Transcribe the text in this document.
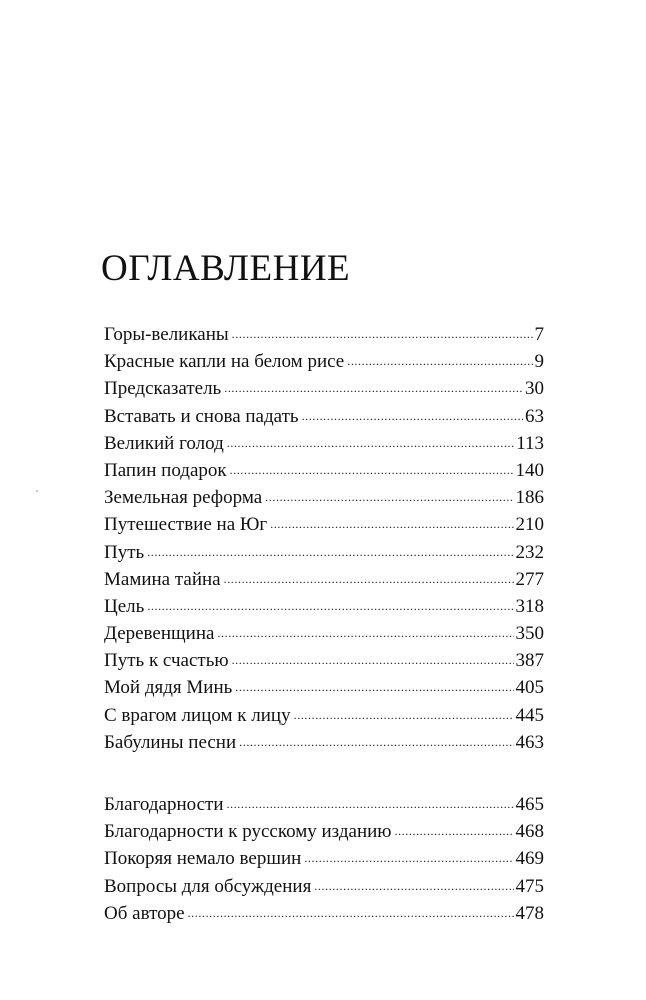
ОГЛАВЛЕНИЕ
Горы-великаны . . .	7
Красные капли на белом рисе . . .	9
Предсказатель . . .	30
Вставать и снова падать . . .	63
Великий голод . . .	113
Папин подарок . . .	140
Земельная реформа . . .	186
Путешествие на Юг . . .	210
Путь . . .	232
Мамина тайна . . .	277
Цель . . .	318
Деревенщина . . .	350
Путь к счастью . . .	387
Мой дядя Минь . . .	405
С врагом лицом к лицу . . .	445
Бабулины песни . . .	463
Благодарности . . .	465
Благодарности к русскому изданию . . .	468
Покоряя немало вершин . . .	469
Вопросы для обсуждения . . .	475
Об авторе . . .	478
